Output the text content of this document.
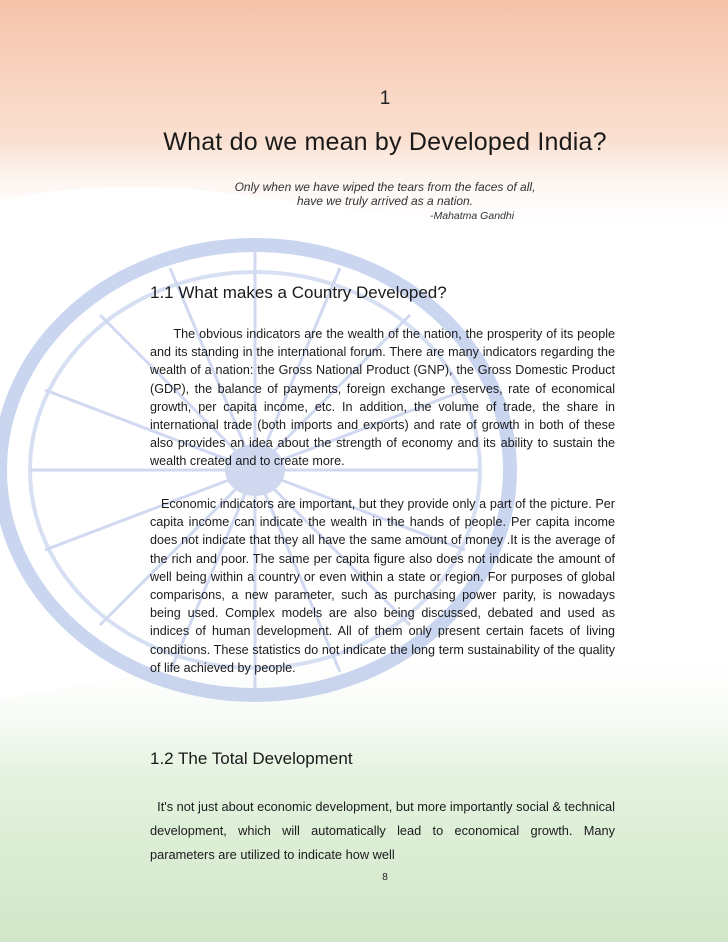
1
What do we mean by Developed India?
Only when we have wiped the tears from the faces of all,
have we truly arrived as a nation.
-Mahatma Gandhi
1.1 What makes a Country Developed?

The obvious indicators are the wealth of the nation, the prosperity of its people and its standing in the international forum. There are many indicators regarding the wealth of a nation: the Gross National Product (GNP), the Gross Domestic Product (GDP), the balance of payments, foreign exchange reserves, rate of economical growth, per capita income, etc. In addition, the volume of trade, the share in international trade (both imports and exports) and rate of growth in both of these also provides an idea about the strength of economy and its ability to sustain the wealth created and to create more.

Economic indicators are important, but they provide only a part of the picture. Per capita income can indicate the wealth in the hands of people. Per capita income does not indicate that they all have the same amount of money .It is the average of the rich and poor. The same per capita figure also does not indicate the amount of well being within a country or even within a state or region. For purposes of global comparisons, a new parameter, such as purchasing power parity, is nowadays being used. Complex models are also being discussed, debated and used as indices of human development. All of them only present certain facets of living conditions. These statistics do not indicate the long term sustainability of the quality of life achieved by people.

1.2 The Total Development

It's not just about economic development, but more importantly social & technical development, which will automatically lead to economical growth. Many parameters are utilized to indicate how well

8
